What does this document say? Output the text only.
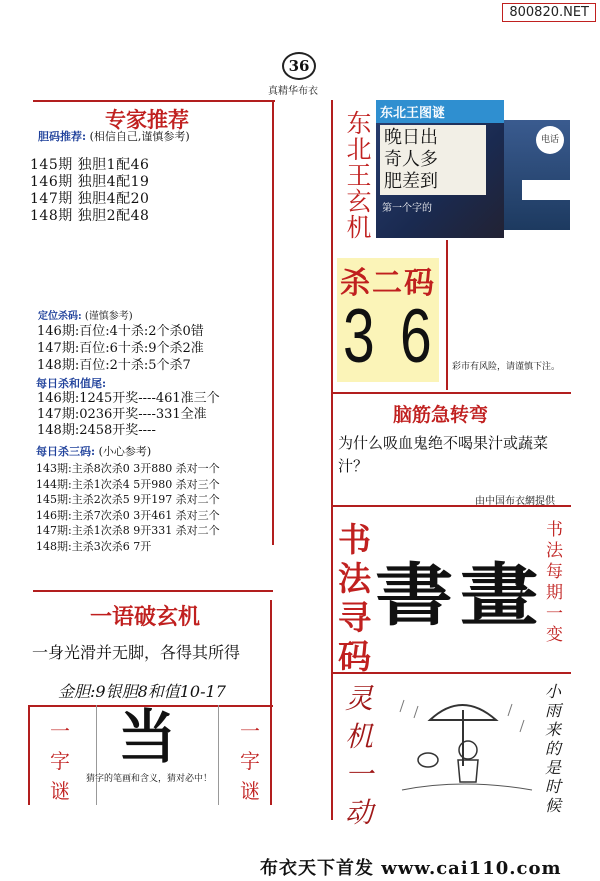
800820.NET
36
真精华布衣
专家推荐
胆码推荐: (相信自己,谨慎参考)
145期 独胆1配46
146期 独胆4配19
147期 独胆4配20
148期 独胆2配48	东北王玄机 东北王图谜
晚日出
奇人多
肥差到
第一个字的
电话
杀二码
3 6 彩市有风险，请谨慎下注。
定位杀码: (谨慎参考)
146期:百位:4十杀:2个杀0错
147期:百位:6十杀:9个杀2准
148期:百位:2十杀:5个杀7
每日杀和值尾:
146期:1245开奖----461准三个
147期:0236开奖----331全准
148期:2458开奖----
每日杀三码: (小心参考)
143期:主杀8次杀0 3开880 杀对一个
144期:主杀1次杀4 5开980 杀对三个
145期:主杀2次杀5 9开197 杀对二个
146期:主杀7次杀0 3开461 杀对三个
147期:主杀1次杀8 9开331 杀对二个
148期:主杀3次杀6 7开
脑筋急转弯
为什么吸血鬼绝不喝果汁或蔬菜汁？
由中国布衣網提供
书法寻码
書畫
书法每期一变
一语破玄机
一身光滑并无脚，各得其所得
金胆:9银胆8和值10-17
一字谜
当
猜字的笔画和含义，猜对必中！
一字谜
灵机一动
小雨来的是时候
布衣天下首发 www.cai110.com
